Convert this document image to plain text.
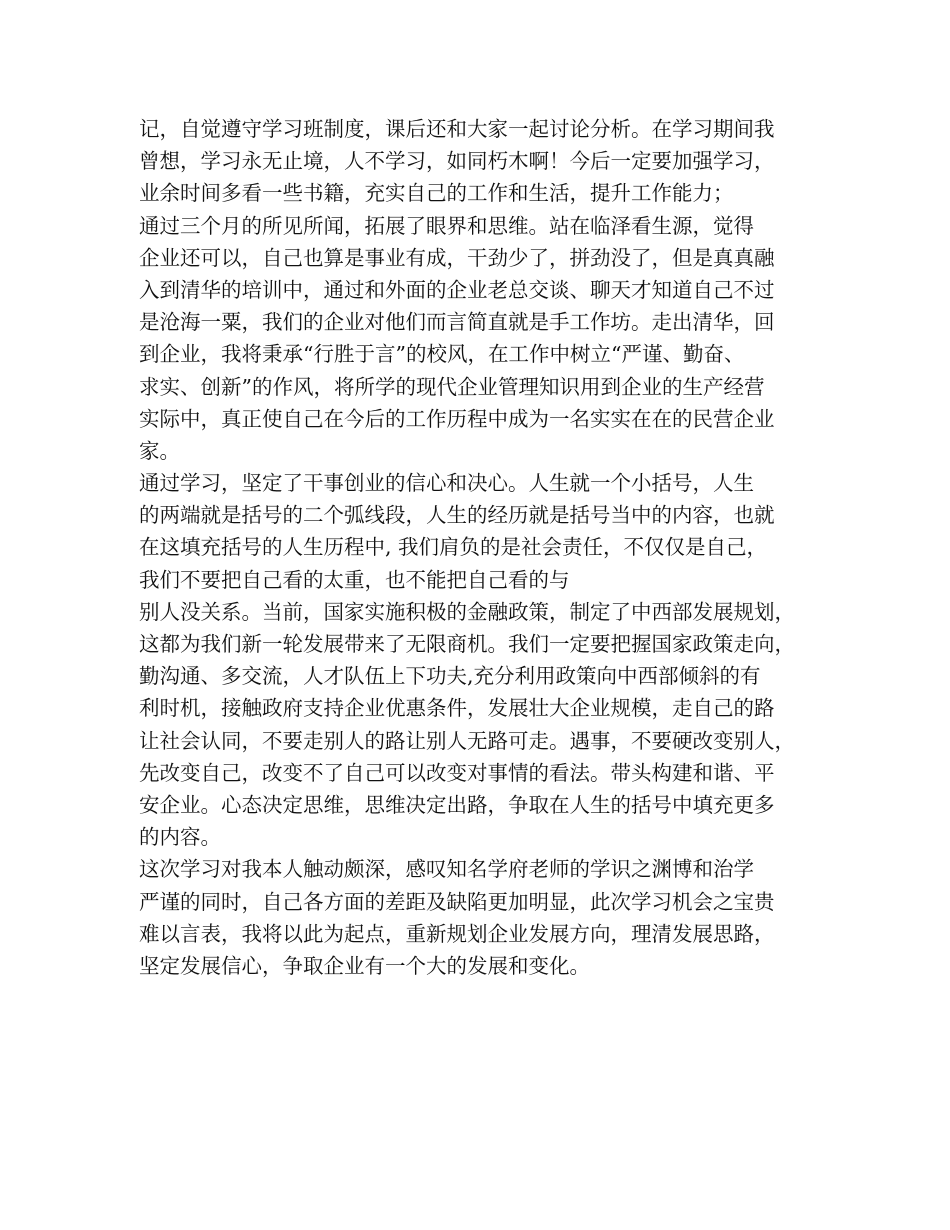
记，自觉遵守学习班制度，课后还和大家一起讨论分析。在学习期间我
曾想，学习永无止境，人不学习，如同朽木啊！今后一定要加强学习，
业余时间多看一些书籍，充实自己的工作和生活，提升工作能力；
通过三个月的所见所闻，拓展了眼界和思维。站在临泽看生源，觉得
企业还可以，自己也算是事业有成，干劲少了，拼劲没了，但是真真融
入到清华的培训中，通过和外面的企业老总交谈、聊天才知道自己不过
是沧海一粟，我们的企业对他们而言简直就是手工作坊。走出清华，回
到企业，我将秉承“行胜于言”的校风，在工作中树立“严谨、勤奋、
求实、创新”的作风，将所学的现代企业管理知识用到企业的生产经营
实际中，真正使自己在今后的工作历程中成为一名实实在在的民营企业
家。
通过学习，坚定了干事创业的信心和决心。人生就一个小括号，人生
的两端就是括号的二个弧线段，人生的经历就是括号当中的内容，也就
在这填充括号的人生历程中, 我们肩负的是社会责任，不仅仅是自己，
我们不要把自己看的太重，也不能把自己看的与
别人没关系。当前，国家实施积极的金融政策，制定了中西部发展规划，
这都为我们新一轮发展带来了无限商机。我们一定要把握国家政策走向，
勤沟通、多交流，人才队伍上下功夫,充分利用政策向中西部倾斜的有
利时机，接触政府支持企业优惠条件，发展壮大企业规模，走自己的路
让社会认同，不要走别人的路让别人无路可走。遇事，不要硬改变别人，
先改变自己，改变不了自己可以改变对事情的看法。带头构建和谐、平
安企业。心态决定思维，思维决定出路，争取在人生的括号中填充更多
的内容。
这次学习对我本人触动颇深，感叹知名学府老师的学识之渊博和治学
严谨的同时，自己各方面的差距及缺陷更加明显，此次学习机会之宝贵
难以言表，我将以此为起点，重新规划企业发展方向，理清发展思路，
坚定发展信心，争取企业有一个大的发展和变化。
